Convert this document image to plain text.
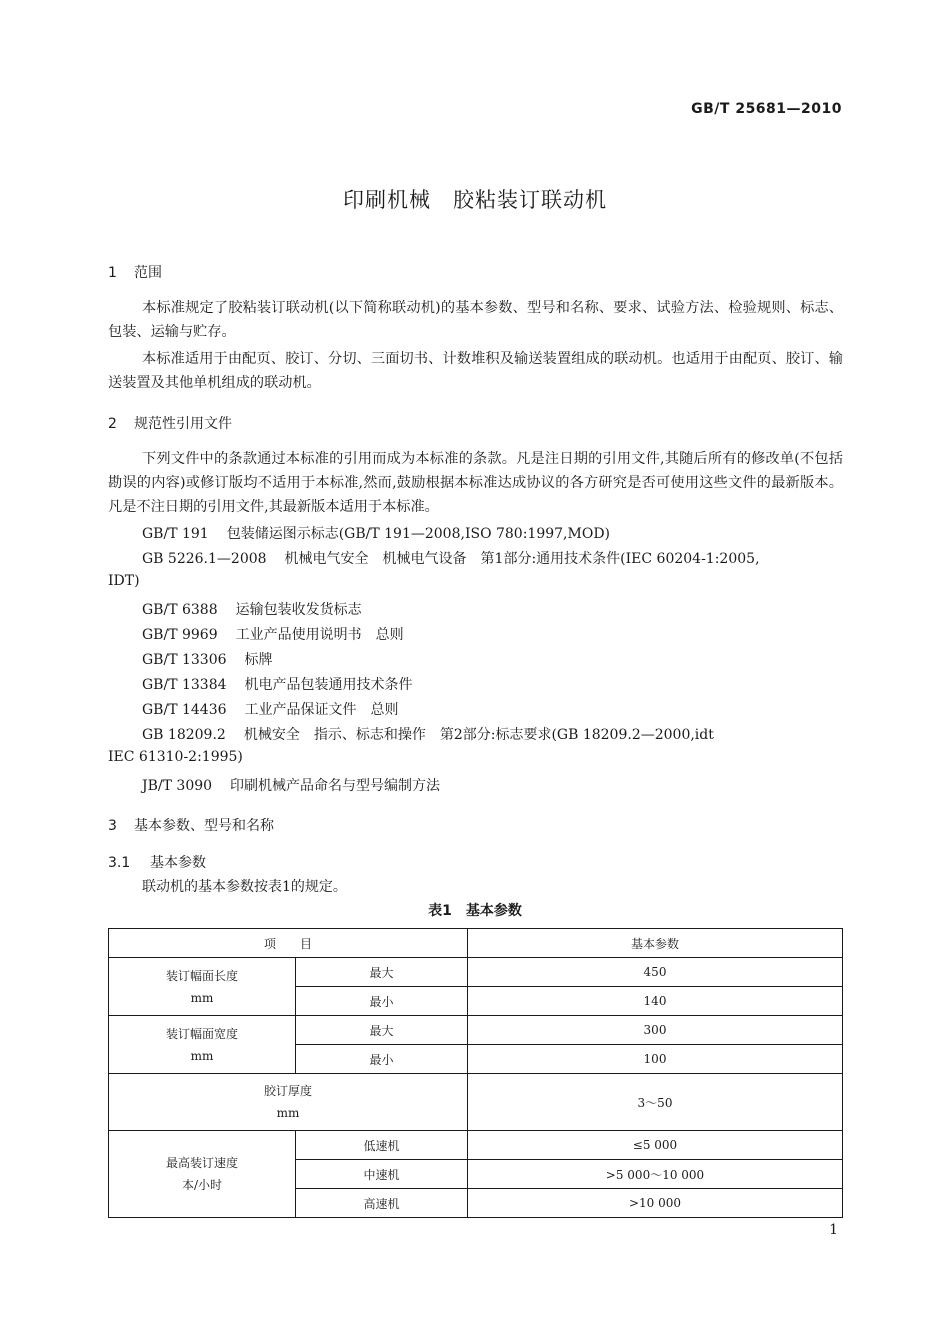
GB/T 25681—2010
印刷机械　胶粘装订联动机
1 范围
本标准规定了胶粘装订联动机(以下简称联动机)的基本参数、型号和名称、要求、试验方法、检验规则、标志、包装、运输与贮存。
本标准适用于由配页、胶订、分切、三面切书、计数堆积及输送装置组成的联动机。也适用于由配页、胶订、输送装置及其他单机组成的联动机。
2 规范性引用文件
下列文件中的条款通过本标准的引用而成为本标准的条款。凡是注日期的引用文件,其随后所有的修改单(不包括勘误的内容)或修订版均不适用于本标准,然而,鼓励根据本标准达成协议的各方研究是否可使用这些文件的最新版本。凡是不注日期的引用文件,其最新版本适用于本标准。
GB/T 191 包装储运图示标志(GB/T 191—2008,ISO 780:1997,MOD)
GB 5226.1—2008 机械电气安全　机械电气设备　第1部分:通用技术条件(IEC 60204-1:2005,
IDT)
GB/T 6388 运输包装收发货标志
GB/T 9969 工业产品使用说明书　总则
GB/T 13306 标牌
GB/T 13384 机电产品包装通用技术条件
GB/T 14436 工业产品保证文件　总则
GB 18209.2 机械安全　指示、标志和操作　第2部分:标志要求(GB 18209.2—2000,idt
IEC 61310-2:1995)
JB/T 3090 印刷机械产品命名与型号编制方法
3 基本参数、型号和名称
3.1 基本参数
联动机的基本参数按表1的规定。
表1　基本参数
项　　目		基本参数
装订幅面长度
mm	最大	450
	最小	140
装订幅面宽度
mm	最大	300
	最小	100
胶订厚度
mm		3～50
最高装订速度
本/小时	低速机	≤5 000
	中速机	>5 000～10 000
	高速机	>10 000
1
